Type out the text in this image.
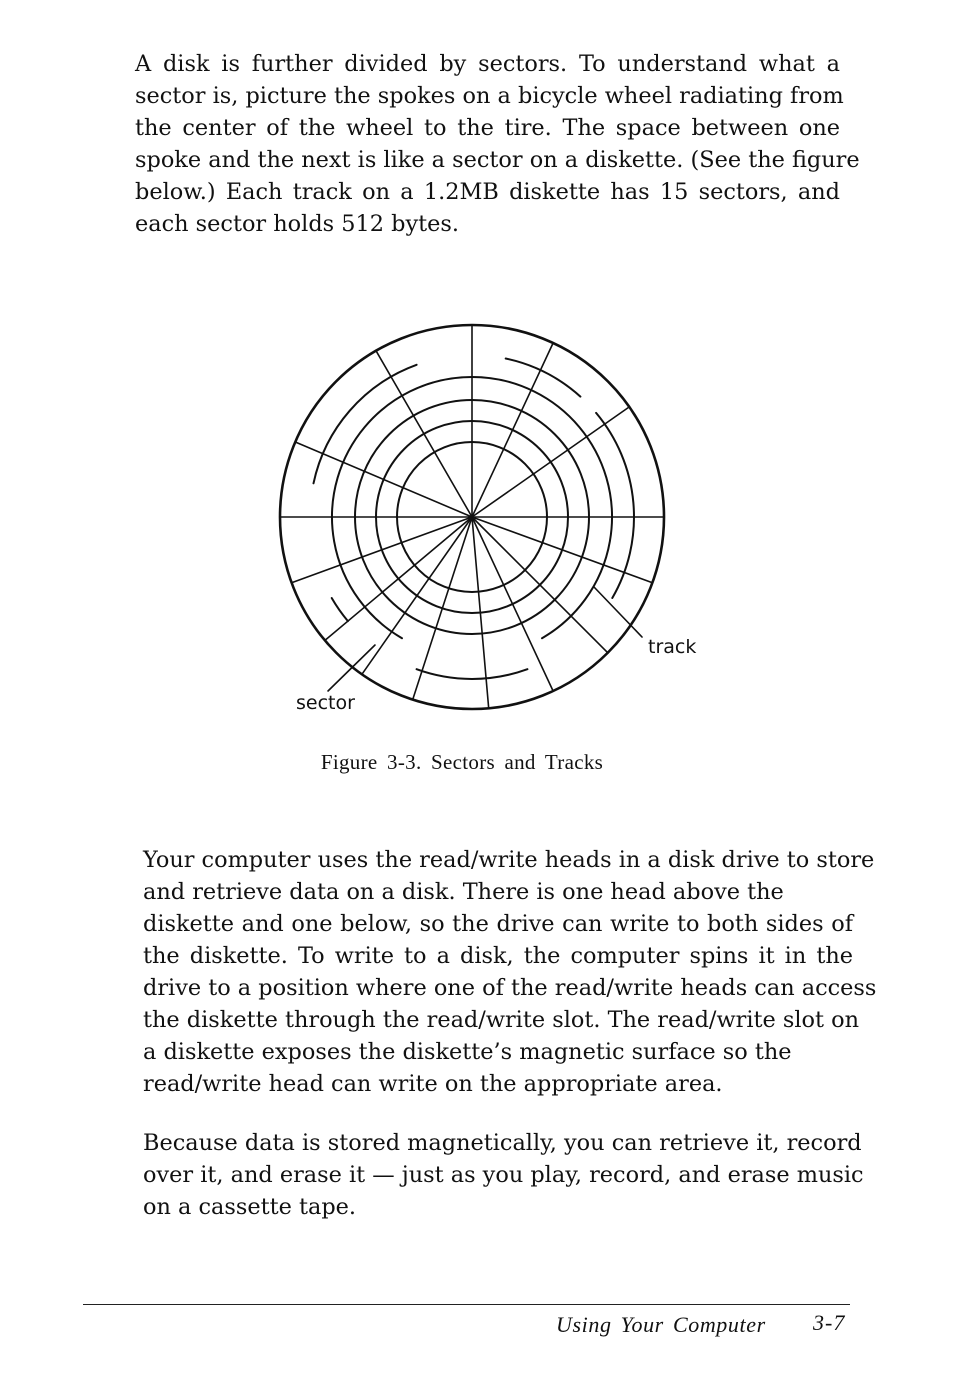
A disk is further divided by sectors. To understand what a
sector is, picture the spokes on a bicycle wheel radiating from
the center of the wheel to the tire. The space between one
spoke and the next is like a sector on a diskette. (See the figure
below.) Each track on a 1.2MB diskette has 15 sectors, and
each sector holds 512 bytes.

track
sector
Figure 3-3. Sectors and Tracks

Your computer uses the read/write heads in a disk drive to store
and retrieve data on a disk. There is one head above the
diskette and one below, so the drive can write to both sides of
the diskette. To write to a disk, the computer spins it in the
drive to a position where one of the read/write heads can access
the diskette through the read/write slot. The read/write slot on
a diskette exposes the diskette’s magnetic surface so the
read/write head can write on the appropriate area.

Because data is stored magnetically, you can retrieve it, record
over it, and erase it — just as you play, record, and erase music
on a cassette tape.

Using Your Computer 3-7
